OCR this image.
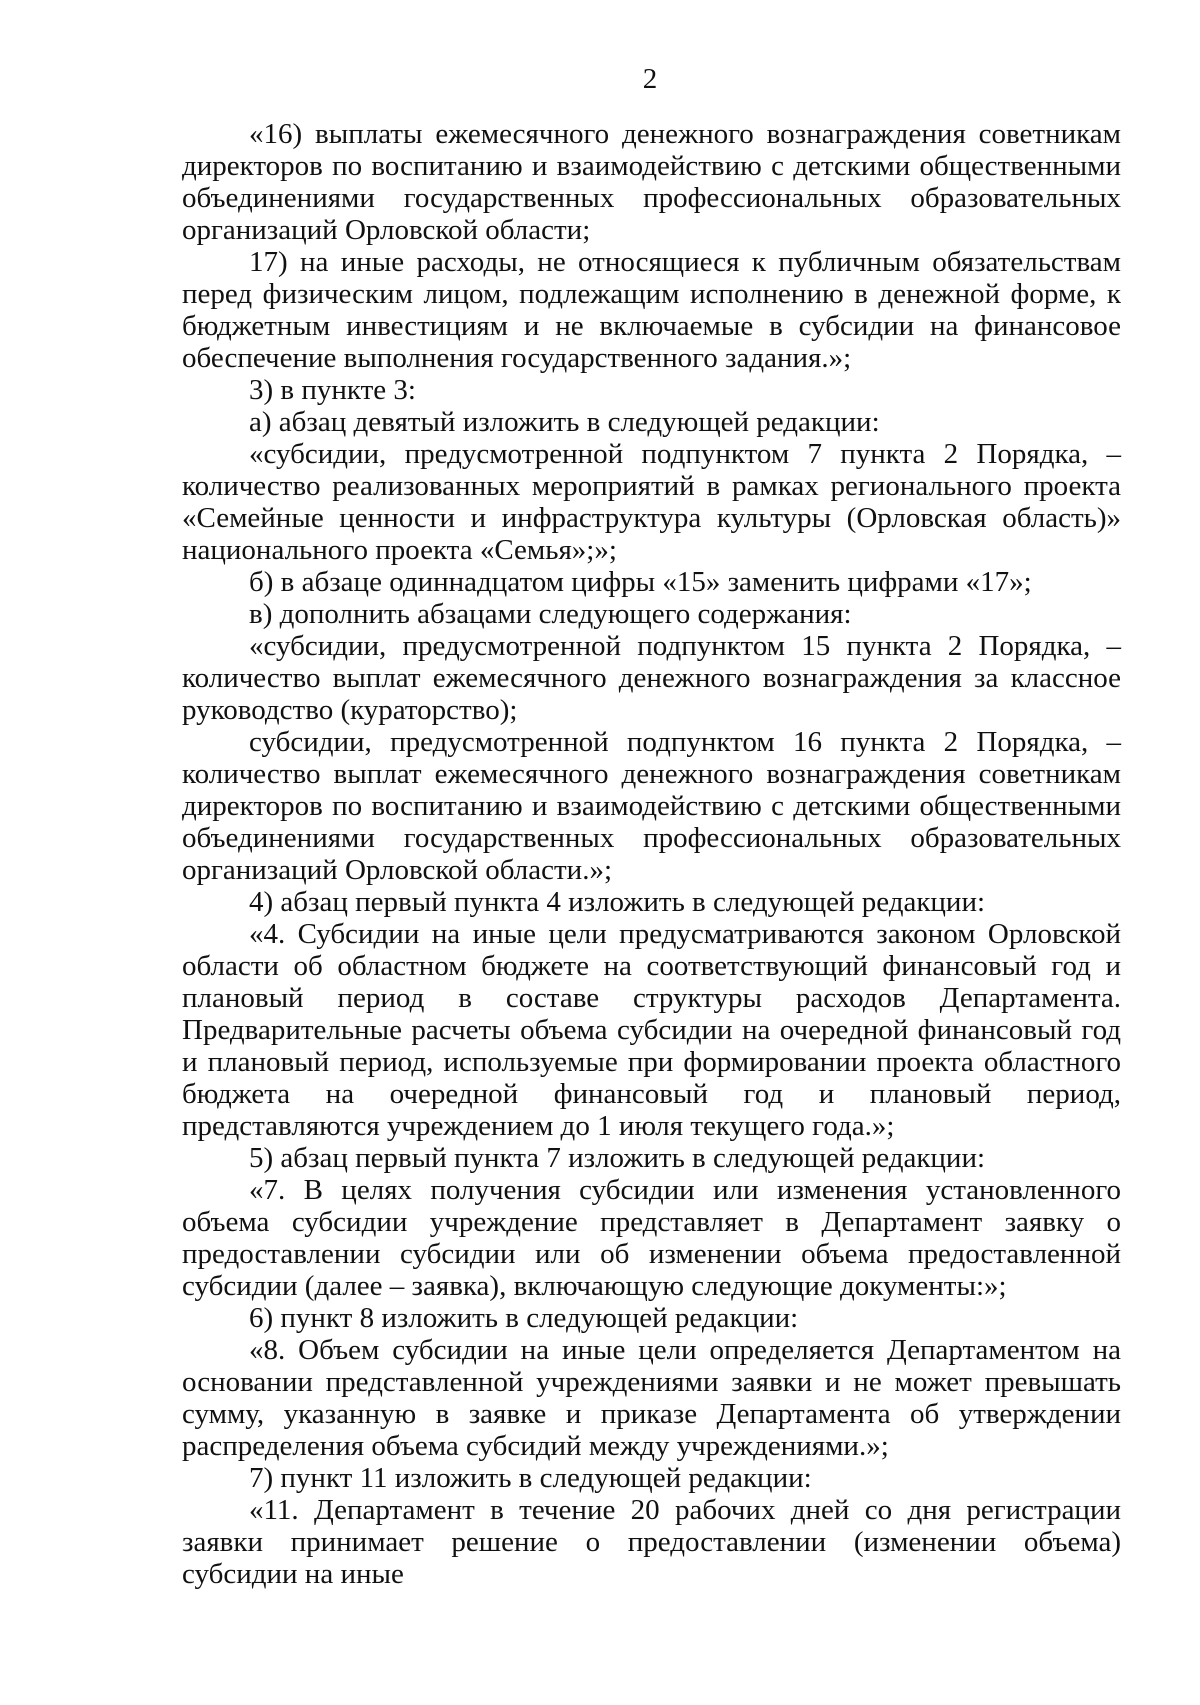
2

«16) выплаты ежемесячного денежного вознаграждения советникам директоров по воспитанию и взаимодействию с детскими общественными объединениями государственных профессиональных образовательных организаций Орловской области;

17) на иные расходы, не относящиеся к публичным обязательствам перед физическим лицом, подлежащим исполнению в денежной форме, к бюджетным инвестициям и не включаемые в субсидии на финансовое обеспечение выполнения государственного задания.»;

3) в пункте 3:

а) абзац девятый изложить в следующей редакции:

«субсидии, предусмотренной подпунктом 7 пункта 2 Порядка, – количество реализованных мероприятий в рамках регионального проекта «Семейные ценности и инфраструктура культуры (Орловская область)» национального проекта «Семья»;»;

б) в абзаце одиннадцатом цифры «15» заменить цифрами «17»;

в) дополнить абзацами следующего содержания:

«субсидии, предусмотренной подпунктом 15 пункта 2 Порядка, – количество выплат ежемесячного денежного вознаграждения за классное руководство (кураторство);

субсидии, предусмотренной подпунктом 16 пункта 2 Порядка, – количество выплат ежемесячного денежного вознаграждения советникам директоров по воспитанию и взаимодействию с детскими общественными объединениями государственных профессиональных образовательных организаций Орловской области.»;

4) абзац первый пункта 4 изложить в следующей редакции:

«4. Субсидии на иные цели предусматриваются законом Орловской области об областном бюджете на соответствующий финансовый год и плановый период в составе структуры расходов Департамента. Предварительные расчеты объема субсидии на очередной финансовый год и плановый период, используемые при формировании проекта областного бюджета на очередной финансовый год и плановый период, представляются учреждением до 1 июля текущего года.»;

5) абзац первый пункта 7 изложить в следующей редакции:

«7. В целях получения субсидии или изменения установленного объема субсидии учреждение представляет в Департамент заявку о предоставлении субсидии или об изменении объема предоставленной субсидии (далее – заявка), включающую следующие документы:»;

6) пункт 8 изложить в следующей редакции:

«8. Объем субсидии на иные цели определяется Департаментом на основании представленной учреждениями заявки и не может превышать сумму, указанную в заявке и приказе Департамента об утверждении распределения объема субсидий между учреждениями.»;

7) пункт 11 изложить в следующей редакции:

«11. Департамент в течение 20 рабочих дней со дня регистрации заявки принимает решение о предоставлении (изменении объема) субсидии на иные
